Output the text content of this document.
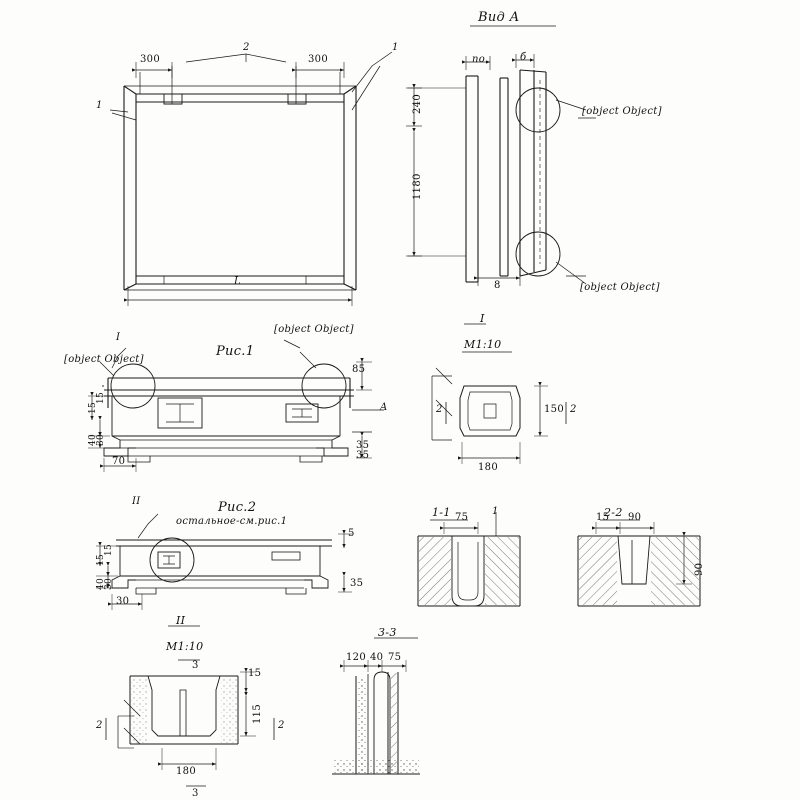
Вид А
300	300
2	1
1
L
240
1180
8
по	б
[object Object]
[object Object]
Рис.1
I
[object Object]
[object Object]
A
85
15
15
40
30	35
70
35
Рис.2
остальное-см.рис.1
II
15
15
40
30
5
35
30
I
М1:10
150
180
2	2
II
М1:10
3
15
115
180
3
2	2
1-1 75
1	2-2
15 90
90
3-3
120 40 75
